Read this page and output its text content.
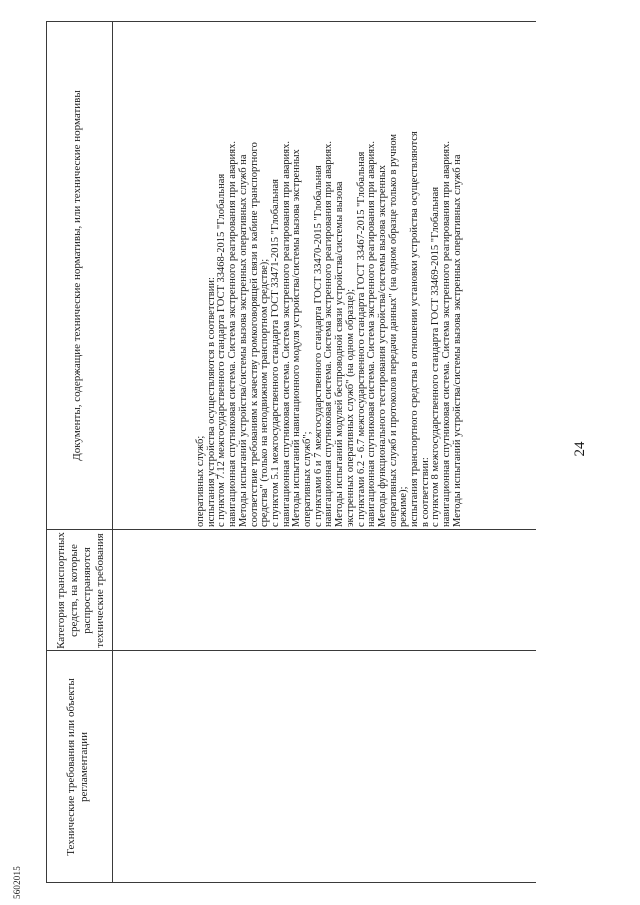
5602015
24
Технические требования или объекты регламентации
Категория транспортных средств, на которые распространяются технические требования
Документы, содержащие технические нормативы, или технические нормативы

оперативных служб; испытания устройства осуществляются в соответствии: с пунктом 7.12 межгосударственного стандарта ГОСТ 33468-2015 "Глобальная навигационная спутниковая система. Система экстренного реагирования при авариях. Методы испытаний устройства/системы вызова экстренных оперативных служб на соответствие требованиям к качеству громкоговорящей связи в кабине транспортного средства" (только на неподвижном транспортном средстве); с пунктом 5.1 межгосударственного стандарта ГОСТ 33471-2015 "Глобальная навигационная спутниковая система. Система экстренного реагирования при авариях. Методы испытаний навигационного модуля устройства/системы вызова экстренных оперативных служб"; с пунктами 6 и 7 межгосударственного стандарта ГОСТ 33470-2015 "Глобальная навигационная спутниковая система. Система экстренного реагирования при авариях. Методы испытаний модулей беспроводной связи устройства/системы вызова экстренных оперативных служб" (на одном образце); с пунктами 6.2 - 6.7 межгосударственного стандарта ГОСТ 33467-2015 "Глобальная навигационная спутниковая система. Система экстренного реагирования при авариях. Методы функционального тестирования устройства/системы вызова экстренных оперативных служб и протоколов передачи данных" (на одном образце только в ручном режиме); испытания транспортного средства в отношении установки устройства осуществляются в соответствии: с пунктом 8 межгосударственного стандарта ГОСТ 33469-2015 "Глобальная навигационная спутниковая система. Система экстренного реагирования при авариях. Методы испытаний устройства/системы вызова экстренных оперативных служб на
